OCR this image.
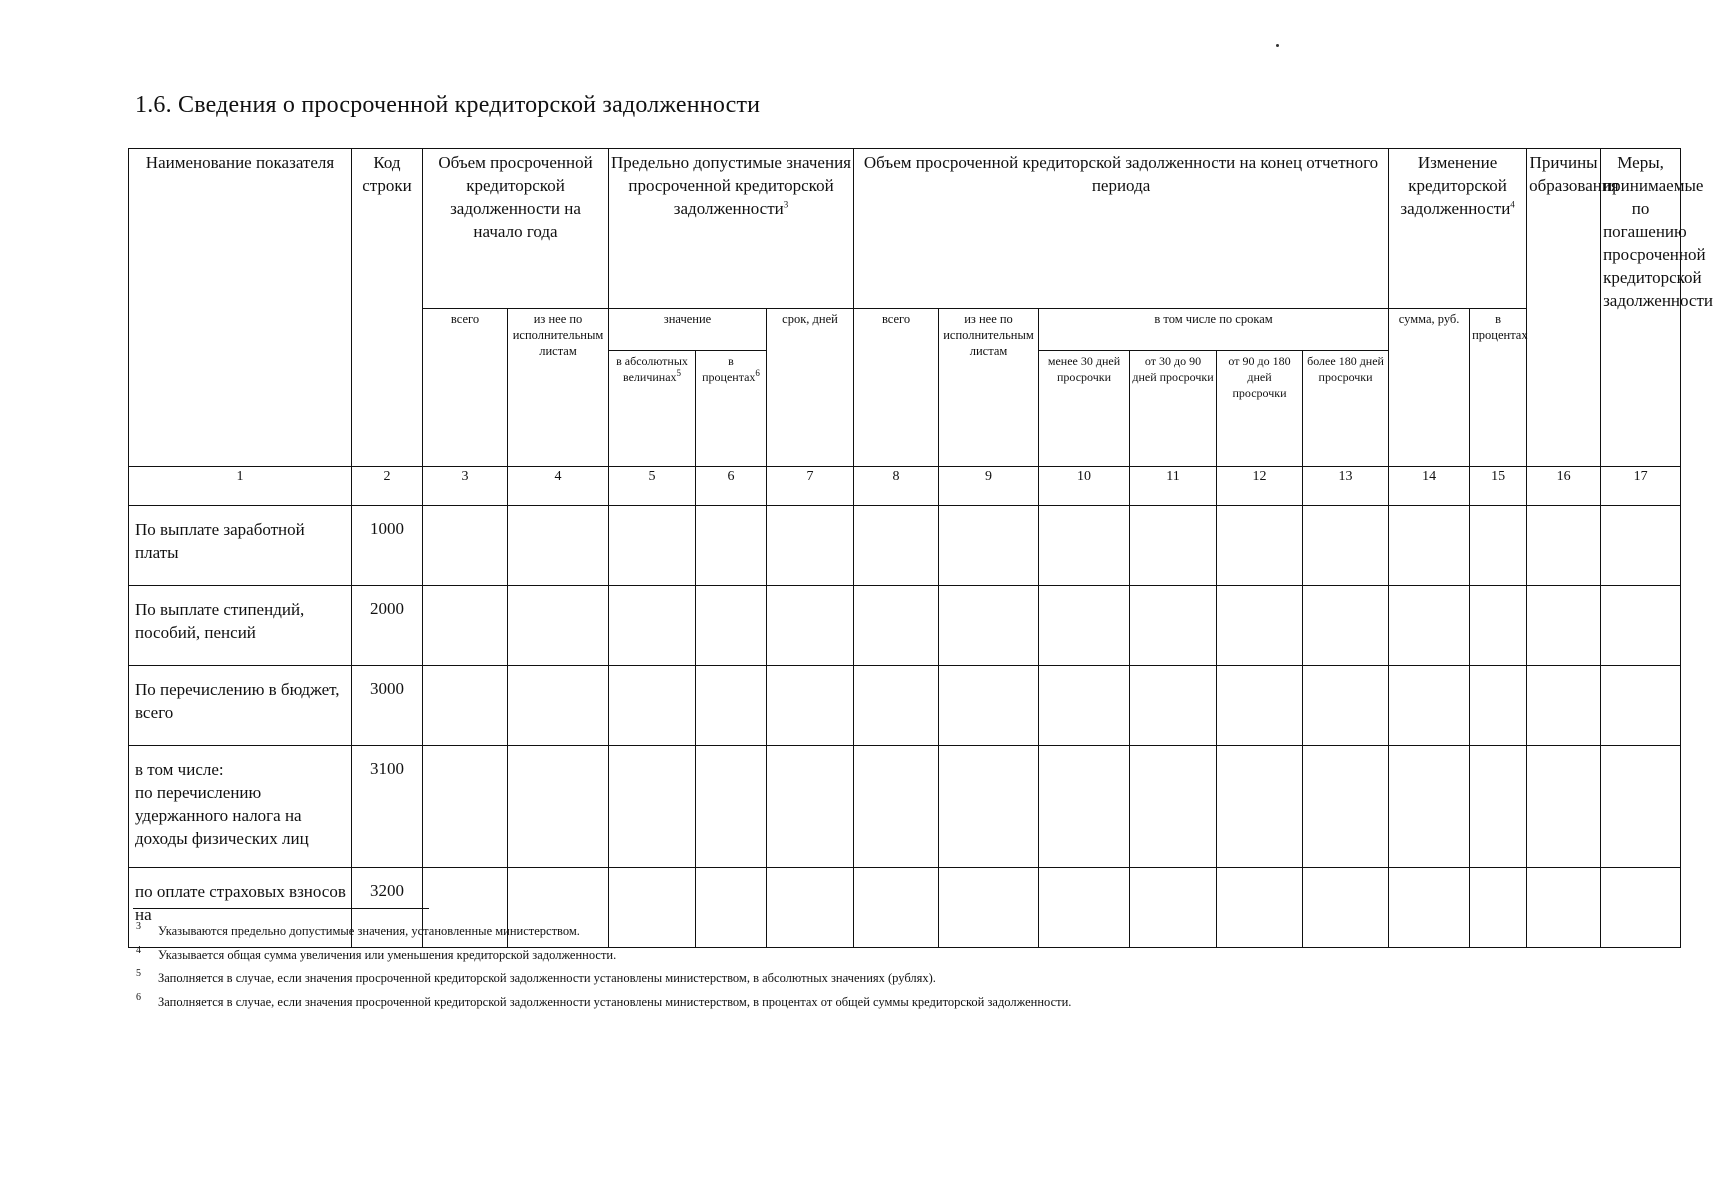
1.6. Сведения о просроченной кредиторской задолженности
Наименование показателя	Код строки	Объем просроченной кредиторской задолженности на начало года		Предельно допустимые значения просроченной кредиторской задолженности$^3$			Объем просроченной кредиторской задолженности на конец отчетного периода						Изменение кредиторской задолженности$^4$		Причины образования	Меры, принимаемые по погашению просроченной кредиторской задолженности
		всего	из нее по исполнительным листам	значение		срок, дней	всего	из нее по исполнительным листам	в том числе по срокам				сумма, руб.	в процентах		
				в абсолютных величинах$^5$	в процентах$^6$				менее 30 дней просрочки	от 30 до 90 дней просрочки	от 90 до 180 дней просрочки	более 180 дней просрочки				
1	2	3	4	5	6	7	8	9	10	11	12	13	14	15	16	17
По выплате заработной платы	1000															
По выплате стипендий, пособий, пенсий	2000															
По перечислению в бюджет, всего	3000															
в том числе:
по перечислению удержанного налога на доходы физических лиц	3100															
по оплате страховых взносов на	3200															
3	Указываются предельно допустимые значения, установленные министерством.
4	Указывается общая сумма увеличения или уменьшения кредиторской задолженности.
5	Заполняется в случае, если значения просроченной кредиторской задолженности установлены министерством, в абсолютных значениях (рублях).
6	Заполняется в случае, если значения просроченной кредиторской задолженности установлены министерством, в процентах от общей суммы кредиторской задолженности.
